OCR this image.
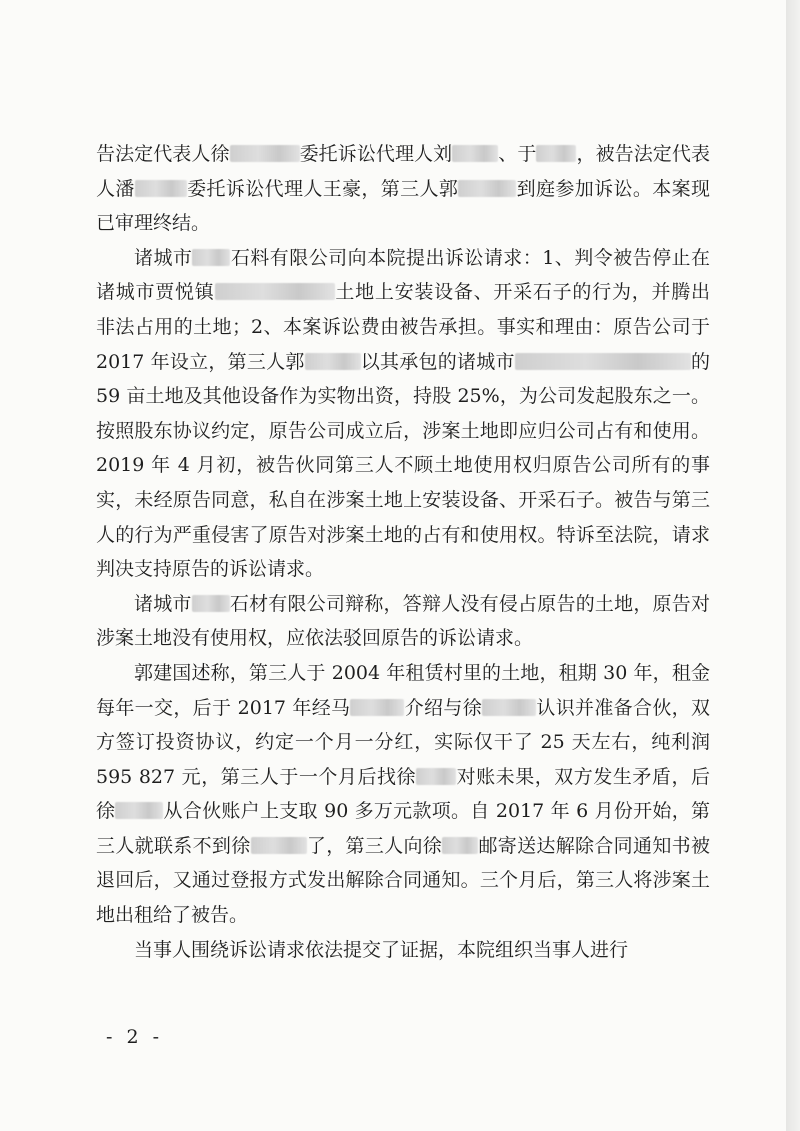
告法定代表人徐	委托诉讼代理人刘 、于 ，被告法定代表人潘	委托诉讼代理人王豪，第三人郭	到庭参加诉讼。本案现已审理终结。

诸城市 石料有限公司向本院提出诉讼请求：1、判令被告停止在诸城市贾悦镇	土地上安装设备、开采石子的行为，并腾出非法占用的土地；2、本案诉讼费由被告承担。事实和理由：原告公司于 2017 年设立，第三人郭	以其承包的诸城市	的 59 亩土地及其他设备作为实物出资，持股 25%，为公司发起股东之一。按照股东协议约定，原告公司成立后，涉案土地即应归公司占有和使用。2019 年 4 月初，被告伙同第三人不顾土地使用权归原告公司所有的事实，未经原告同意，私自在涉案土地上安装设备、开采石子。被告与第三人的行为严重侵害了原告对涉案土地的占有和使用权。特诉至法院，请求判决支持原告的诉讼请求。

诸城市 石材有限公司辩称，答辩人没有侵占原告的土地，原告对涉案土地没有使用权，应依法驳回原告的诉讼请求。

郭建国述称，第三人于 2004 年租赁村里的土地，租期 30 年，租金每年一交，后于 2017 年经马	介绍与徐	认识并准备合伙，双方签订投资协议，约定一个月一分红，实际仅干了 25 天左右，纯利润 595 827 元，第三人于一个月后找徐 对账未果，双方发生矛盾，后徐	从合伙账户上支取 90 多万元款项。自 2017 年 6 月份开始，第三人就联系不到徐	了，第三人向徐 邮寄送达解除合同通知书被退回后，又通过登报方式发出解除合同通知。三个月后，第三人将涉案土地出租给了被告。

当事人围绕诉讼请求依法提交了证据，本院组织当事人进行

- 2 -
